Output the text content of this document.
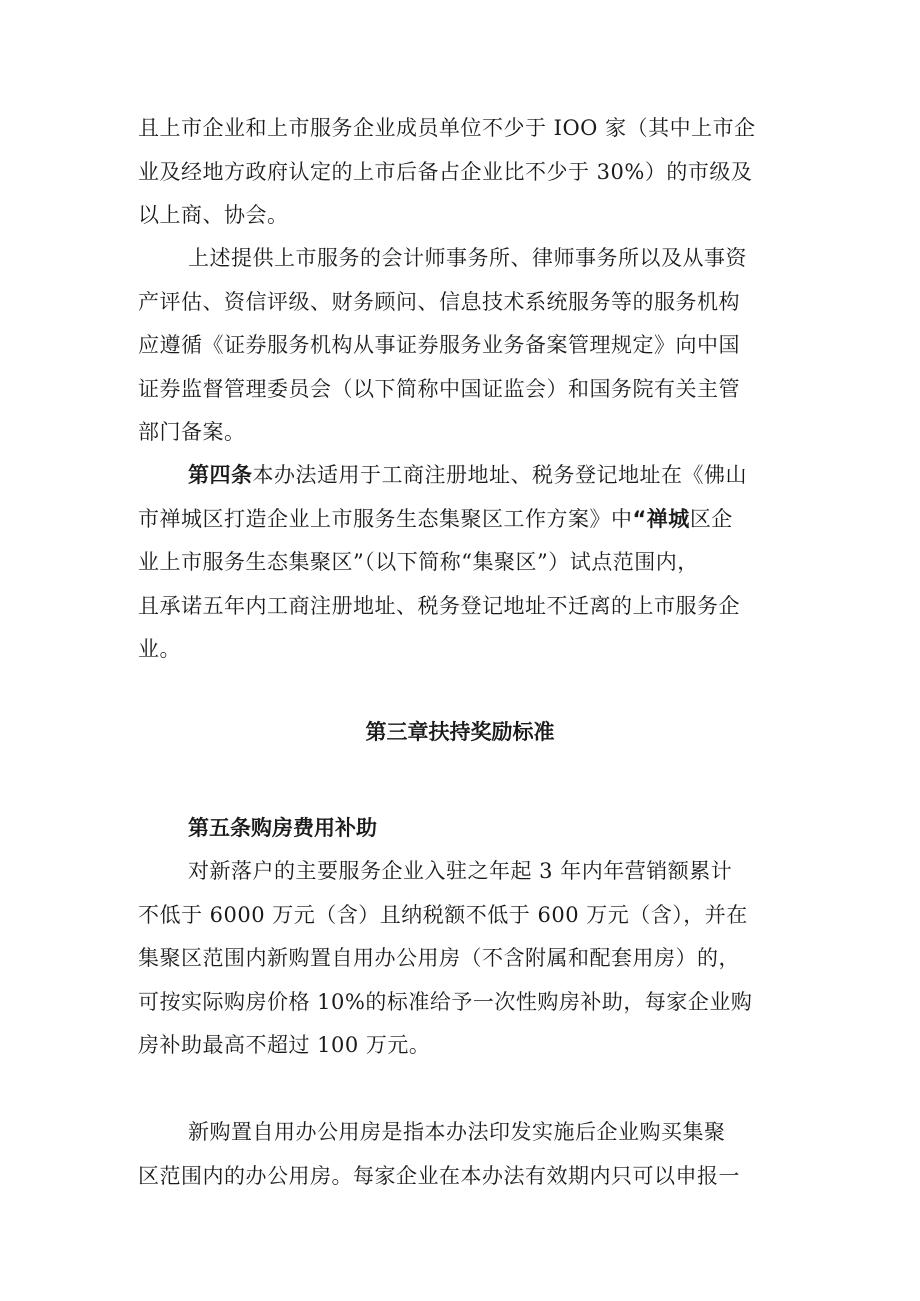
且上市企业和上市服务企业成员单位不少于 IOO 家（其中上市企
业及经地方政府认定的上市后备占企业比不少于 30%）的市级及
以上商、协会。
上述提供上市服务的会计师事务所、律师事务所以及从事资
产评估、资信评级、财务顾问、信息技术系统服务等的服务机构
应遵循《证券服务机构从事证券服务业务备案管理规定》向中国
证券监督管理委员会（以下简称中国证监会）和国务院有关主管
部门备案。
第四条本办法适用于工商注册地址、税务登记地址在《佛山
市禅城区打造企业上市服务生态集聚区工作方案》中“禅城区企
业上市服务生态集聚区”（以下简称“集聚区”）试点范围内，
且承诺五年内工商注册地址、税务登记地址不迁离的上市服务企
业。
第三章扶持奖励标准
第五条购房费用补助
对新落户的主要服务企业入驻之年起 3 年内年营销额累计
不低于 6000 万元（含）且纳税额不低于 600 万元（含），并在
集聚区范围内新购置自用办公用房（不含附属和配套用房）的，
可按实际购房价格 10%的标准给予一次性购房补助，每家企业购
房补助最高不超过 100 万元。
新购置自用办公用房是指本办法印发实施后企业购买集聚
区范围内的办公用房。每家企业在本办法有效期内只可以申报一
